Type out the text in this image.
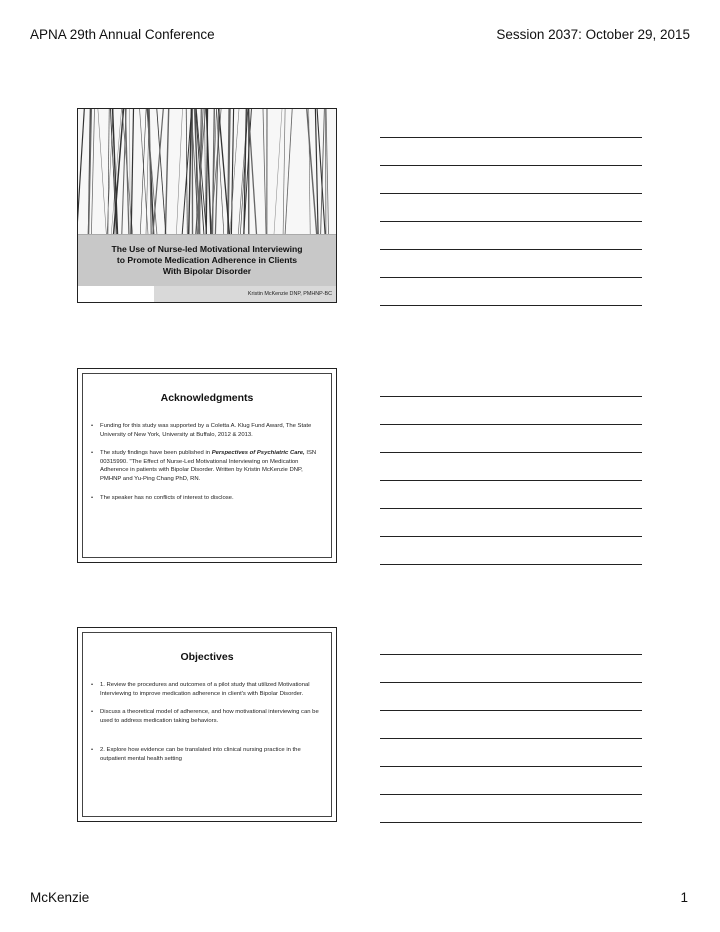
APNA 29th Annual Conference	Session 2037: October 29, 2015
The Use of Nurse-led Motivational Interviewing
to Promote Medication Adherence in Clients
With Bipolar Disorder
Kristin McKenzie DNP, PMHNP-BC
Acknowledgments
• Funding for this study was supported by a Coletta A. Klug Fund Award, The State University of New York, University at Buffalo, 2012 & 2013.
• The study findings have been published in Perspectives of Psychiatric Care, ISN 00315990. "The Effect of Nurse-Led Motivational Interviewing on Medication Adherence in patients with Bipolar Disorder. Written by Kristin McKenzie DNP, PMHNP and Yu-Ping Chang PhD, RN.
• The speaker has no conflicts of interest to disclose.
Objectives
• 1. Review the procedures and outcomes of a pilot study that utilized Motivational Interviewing to improve medication adherence in client's with Bipolar Disorder.
• Discuss a theoretical model of adherence, and how motivational interviewing can be used to address medication taking behaviors.
• 2. Explore how evidence can be translated into clinical nursing practice in the outpatient mental health setting
McKenzie	1
